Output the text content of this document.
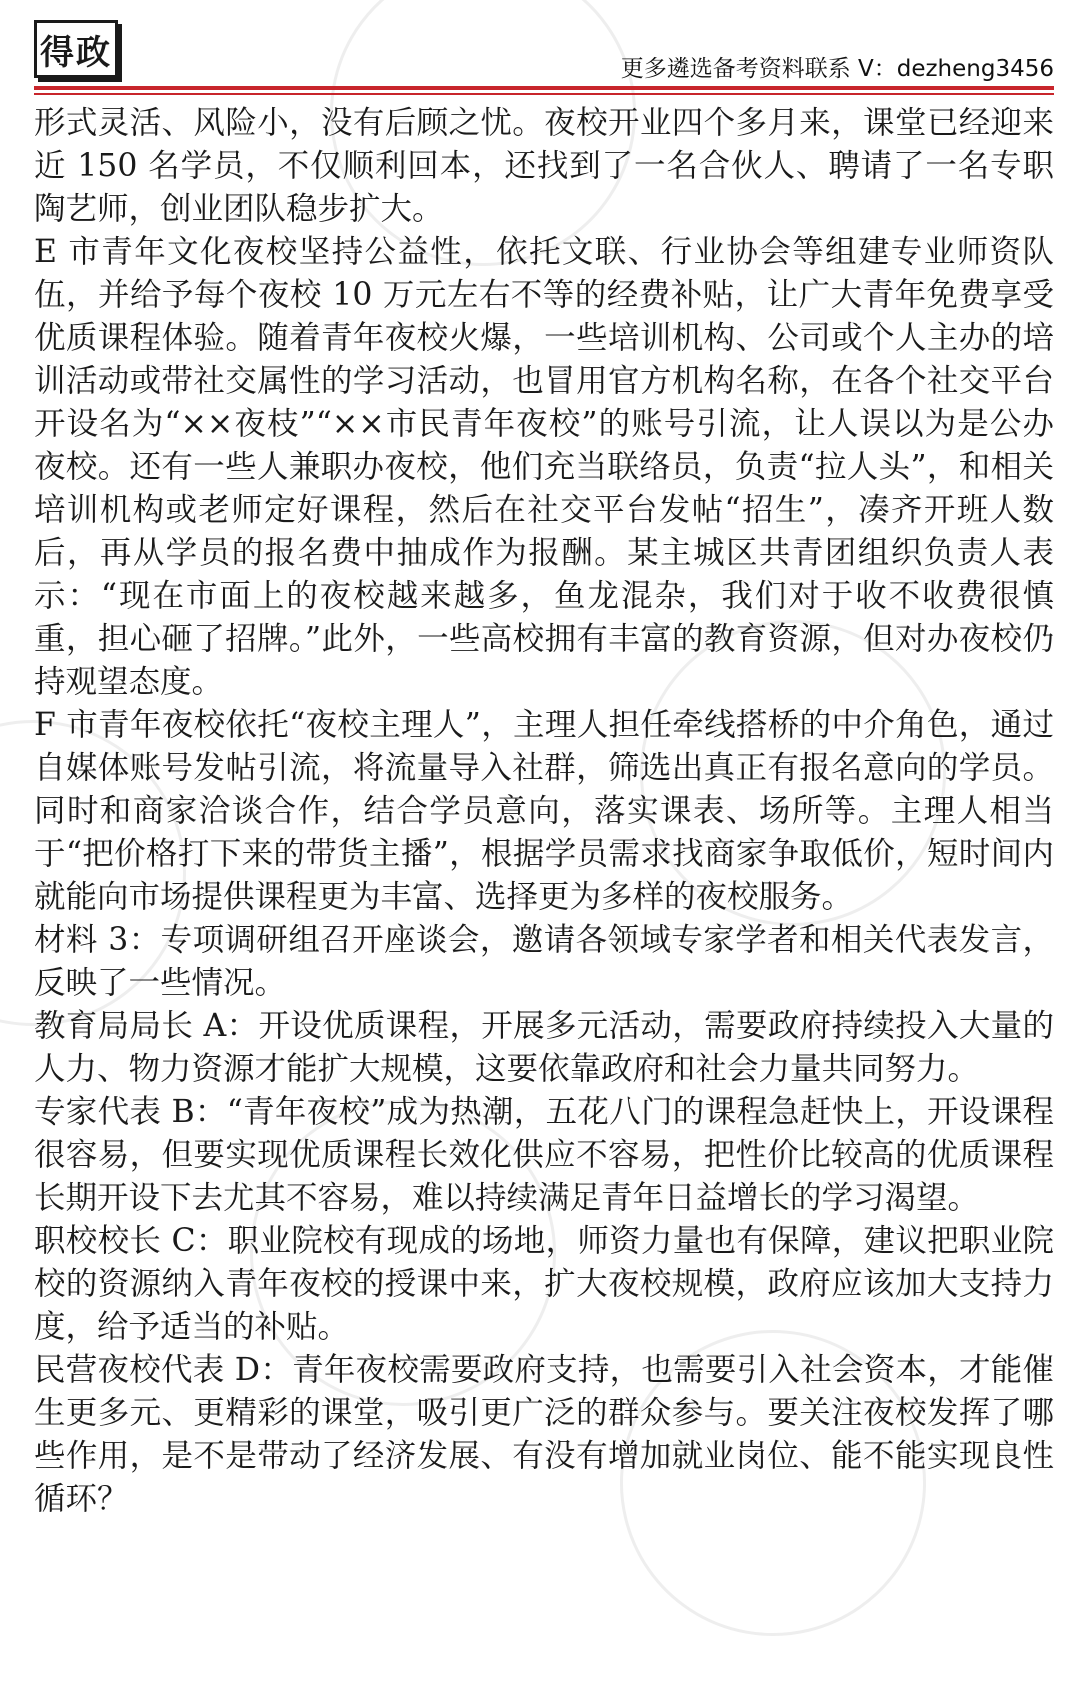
得政	更多遴选备考资料联系 V：dezheng3456

形式灵活、风险小，没有后顾之忧。夜校开业四个多月来，课堂已经迎来近 150 名学员，不仅顺利回本，还找到了一名合伙人、聘请了一名专职陶艺师，创业团队稳步扩大。

E 市青年文化夜校坚持公益性，依托文联、行业协会等组建专业师资队伍，并给予每个夜校 10 万元左右不等的经费补贴，让广大青年免费享受优质课程体验。随着青年夜校火爆，一些培训机构、公司或个人主办的培训活动或带社交属性的学习活动，也冒用官方机构名称，在各个社交平台开设名为“××夜枝”“××市民青年夜校”的账号引流，让人误以为是公办夜校。还有一些人兼职办夜校，他们充当联络员，负责“拉人头”，和相关培训机构或老师定好课程，然后在社交平台发帖“招生”，凑齐开班人数后，再从学员的报名费中抽成作为报酬。某主城区共青团组织负责人表示：“现在市面上的夜校越来越多，鱼龙混杂，我们对于收不收费很慎重，担心砸了招牌。”此外，一些高校拥有丰富的教育资源，但对办夜校仍持观望态度。

F 市青年夜校依托“夜校主理人”，主理人担任牵线搭桥的中介角色，通过自媒体账号发帖引流，将流量导入社群，筛选出真正有报名意向的学员。同时和商家洽谈合作，结合学员意向，落实课表、场所等。主理人相当于“把价格打下来的带货主播”，根据学员需求找商家争取低价，短时间内就能向市场提供课程更为丰富、选择更为多样的夜校服务。

材料 3：专项调研组召开座谈会，邀请各领域专家学者和相关代表发言，反映了一些情况。

教育局局长 A：开设优质课程，开展多元活动，需要政府持续投入大量的人力、物力资源才能扩大规模，这要依靠政府和社会力量共同努力。

专家代表 B：“青年夜校”成为热潮，五花八门的课程急赶快上，开设课程很容易，但要实现优质课程长效化供应不容易，把性价比较高的优质课程长期开设下去尤其不容易，难以持续满足青年日益增长的学习渴望。

职校校长 C：职业院校有现成的场地，师资力量也有保障，建议把职业院校的资源纳入青年夜校的授课中来，扩大夜校规模，政府应该加大支持力度，给予适当的补贴。

民营夜校代表 D：青年夜校需要政府支持，也需要引入社会资本，才能催生更多元、更精彩的课堂，吸引更广泛的群众参与。要关注夜校发挥了哪些作用，是不是带动了经济发展、有没有增加就业岗位、能不能实现良性循环？
